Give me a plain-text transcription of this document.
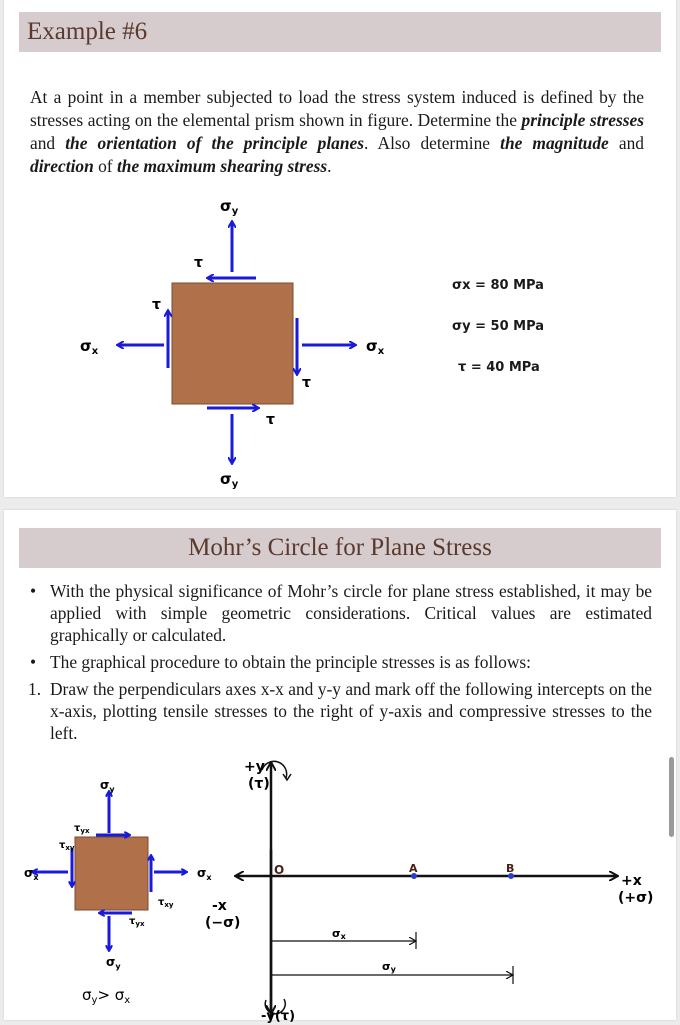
Example #6
At a point in a member subjected to load the stress system induced is defined by the stresses acting on the elemental prism shown in figure. Determine the principle stresses and the orientation of the principle planes. Also determine the magnitude and direction of the maximum shearing stress.
$\sigma_y$
τ
τ
$\sigma_x$	$\sigma_x$
τ
τ
$\sigma_y$
σx = 80 MPa
σy = 50 MPa
τ = 40 MPa
Mohr’s Circle for Plane Stress
• With the physical significance of Mohr’s circle for plane stress established, it may be applied with simple geometric considerations. Critical values are estimated graphically or calculated.
• The graphical procedure to obtain the principle stresses is as follows:
1. Draw the perpendiculars axes x-x and y-y and mark off the following intercepts on the x-axis, plotting tensile stresses to the right of y-axis and compressive stresses to the left.
$\sigma_y$
$\tau_{yx}$
$\tau_{xy}$
$\sigma_x$	$\sigma_x$
$\tau_{xy}$
$\tau_{yx}$
$\sigma_y$
$\sigma_y> \sigma_x$
+y
(τ)
O	A	B
+x
(+σ)
-x
(−σ)
σx
σy
-y(τ)
